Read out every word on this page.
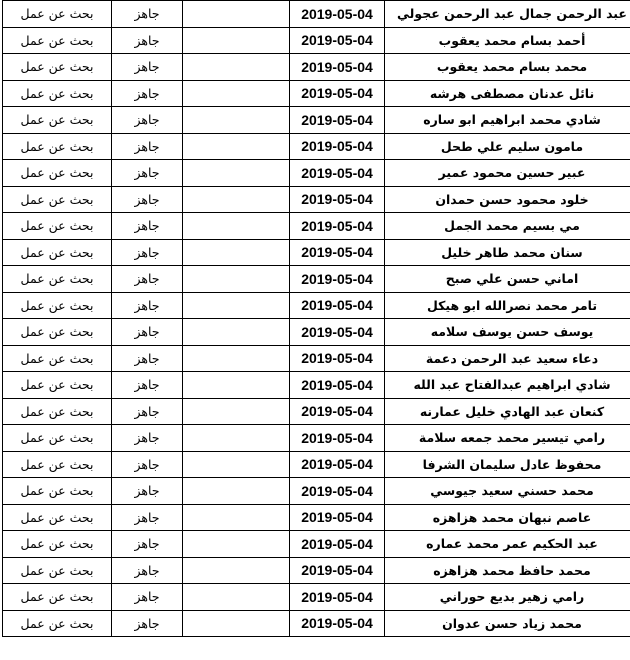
عبد الرحمن جمال عبد الرحمن عجولي	2019-05-04		جاهز	بحث عن عمل
أحمد بسام محمد يعقوب	2019-05-04		جاهز	بحث عن عمل
محمد بسام محمد يعقوب	2019-05-04		جاهز	بحث عن عمل
نائل عدنان مصطفى هرشه	2019-05-04		جاهز	بحث عن عمل
شادي محمد ابراهيم ابو ساره	2019-05-04		جاهز	بحث عن عمل
مامون سليم علي طحل	2019-05-04		جاهز	بحث عن عمل
عبير حسين محمود عمير	2019-05-04		جاهز	بحث عن عمل
خلود محمود حسن حمدان	2019-05-04		جاهز	بحث عن عمل
مي بسيم محمد الجمل	2019-05-04		جاهز	بحث عن عمل
سنان محمد طاهر خليل	2019-05-04		جاهز	بحث عن عمل
اماني حسن علي صبح	2019-05-04		جاهز	بحث عن عمل
تامر محمد نصرالله ابو هيكل	2019-05-04		جاهز	بحث عن عمل
يوسف حسن يوسف سلامه	2019-05-04		جاهز	بحث عن عمل
دعاء سعيد عبد الرحمن دعمة	2019-05-04		جاهز	بحث عن عمل
شادي ابراهيم عبدالفتاح عبد الله	2019-05-04		جاهز	بحث عن عمل
كنعان عبد الهادي خليل عمارنه	2019-05-04		جاهز	بحث عن عمل
رامي تيسير محمد جمعه سلامة	2019-05-04		جاهز	بحث عن عمل
محفوظ عادل سليمان الشرفا	2019-05-04		جاهز	بحث عن عمل
محمد حسني سعيد جيوسي	2019-05-04		جاهز	بحث عن عمل
عاصم نبهان محمد هزاهزه	2019-05-04		جاهز	بحث عن عمل
عبد الحكيم عمر محمد عماره	2019-05-04		جاهز	بحث عن عمل
محمد حافظ محمد هزاهزه	2019-05-04		جاهز	بحث عن عمل
رامي زهير بديع حوراني	2019-05-04		جاهز	بحث عن عمل
محمد زياد حسن عدوان	2019-05-04		جاهز	بحث عن عمل
